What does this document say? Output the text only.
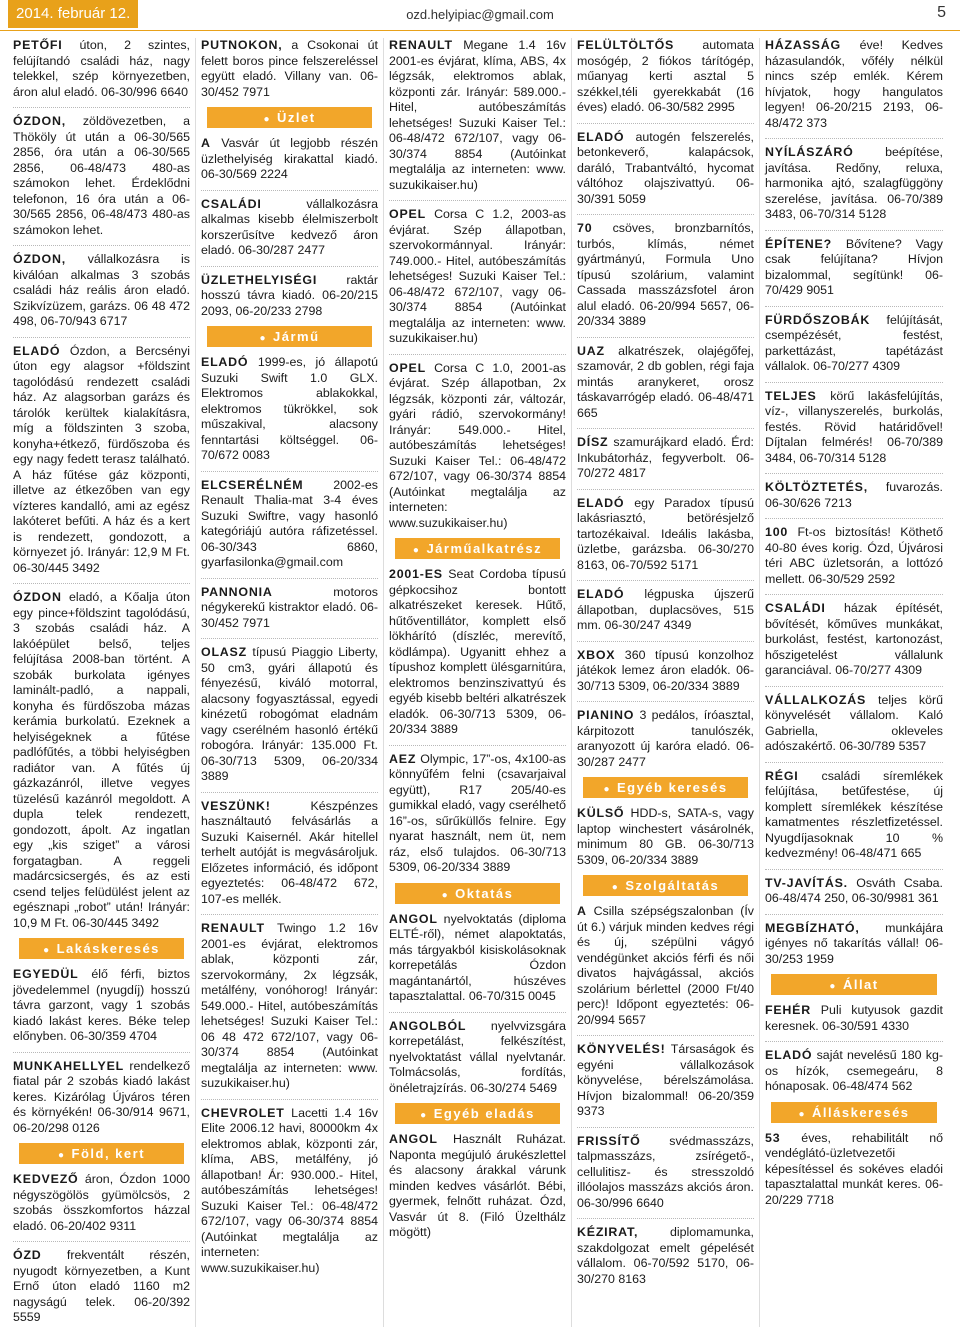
2014. február 12.	ozd.helyipiac@gmail.com	5
PETŐFI úton, 2 szintes, felújítandó családi ház, nagy telekkel, szép környezetben, áron alul eladó. 06-30/996 6640
ÓZDON, zöldövezetben, a Thököly út után a 06-30/565 2856, óra után a 06-30/565 2856, 06-48/473 480-as számokon lehet. Érdeklődni telefonon, 16 óra után a 06-30/565 2856, 06-48/473 480-as számokon lehet.
ÓZDON, vállalkozásra is kiválóan alkalmas 3 szobás családi ház reális áron eladó. Szikvízüzem, garázs. 06 48 472 498, 06-70/943 6717
ELADÓ Ózdon, a Bercsényi úton egy alagsor +földszint tagolódású rendezett családi ház. Az alagsorban garázs és tárolók kerültek kialakításra, míg a földszinten 3 szoba, konyha+étkező, fürdőszoba és egy nagy fedett terasz található. A ház fűtése gáz központi, illetve az étkezőben van egy vízteres kandalló, ami az egész lakóteret befűti. A ház és a kert is rendezett, gondozott, a környezet jó. Irányár: 12,9 M Ft. 06-30/445 3492
ÓZDON eladó, a Kőalja úton egy pince+földszint tagolódású, 3 szobás családi ház. A lakóépület belső, teljes felújítása 2008-ban történt. A szobák burkolata igényes laminált-padló, a nappali, konyha és fürdőszoba mázas kerámia burkolatú. Ezeknek a helyiségeknek a fűtése padlófűtés, a többi helyiségben radiátor van. A fűtés új gázkazánról, illetve vegyes tüzelésű kazánról megoldott. A dupla telek rendezett, gondozott, ápolt. Az ingatlan egy „kis sziget” a városi forgatagban. A reggeli madárcsicsergés, és az esti csend teljes felüdülést jelent az egésznapi „robot” után! Irányár: 10,9 M Ft. 06-30/445 3492
● Lakáskeresés
EGYEDÜL élő férfi, biztos jövedelemmel (nyugdíj) hosszú távra garzont, vagy 1 szobás kiadó lakást keres. Béke telep előnyben. 06-30/359 4704
MUNKAHELLYEL rendelkező fiatal pár 2 szobás kiadó lakást keres. Kizárólag Újváros téren és környékén! 06-30/914 9671, 06-20/298 0126
● Föld, kert
KEDVEZŐ áron, Ózdon 1000 négyszögölös gyümölcsös, 2 szobás összkomfortos házzal eladó. 06-20/402 9311
ÓZD frekventált részén, nyugodt környezetben, a Kunt Ernő úton eladó 1160 m2 nagyságú telek. 06-20/392 5559
PUTNOKON, a Csokonai út felett boros pince felszereléssel együtt eladó. Villany van. 06-30/452 7971
● Üzlet
A Vasvár út legjobb részén üzlethelyiség kirakattal kiadó. 06-30/569 2224
CSALÁDI vállalkozásra alkalmas kisebb élelmiszerbolt korszerűsítve kedvező áron eladó. 06-30/287 2477
ÜZLETHELYISÉGI raktár hosszú távra kiadó. 06-20/215 2093, 06-20/233 2798
● Jármű
ELADÓ 1999-es, jó állapotú Suzuki Swift 1.0 GLX. Elektromos ablakokkal, elektromos tükrökkel, sok műszakival, alacsony fenntartási költséggel. 06-70/672 0083
ELCSERÉLNÉM 2002-es Renault Thalia-mat 3-4 éves Suzuki Swiftre, vagy hasonló kategóriájú autóra ráfizetéssel. 06-30/343 6860, gyarfasilonka@gmail.com
PANNONIA motoros négykerekű kistraktor eladó. 06-30/452 7971
OLASZ típusú Piaggio Liberty, 50 cm3, gyári állapotú és fényezésű, kiváló motorral, alacsony fogyasztással, egyedi kinézetű robogómat eladnám vagy cserélném hasonló értékű robogóra. Irányár: 135.000 Ft. 06-30/713 5309, 06-20/334 3889
VESZÜNK! Készpénzes használtautó felvásárlás a Suzuki Kaisernél. Akár hitellel terhelt autóját is megvásároljuk. Előzetes információ, és időpont egyeztetés: 06-48/472 672, 107-es mellék.
RENAULT Twingo 1.2 16v 2001-es évjárat, elektromos ablak, központi zár, szervokormány, 2x légzsák, metálfény, vonóhorog! Irányár: 549.000.- Hitel, autóbeszámítás lehetséges! Suzuki Kaiser Tel.: 06 48 472 672/107, vagy 06-30/374 8854 (Autóinkat megtalálja az interneten: www. suzukikaiser.hu)
CHEVROLET Lacetti 1.4 16v Elite 2006.12 havi, 80000km 4x elektromos ablak, központi zár, klíma, ABS, metálfény, jó állapotban! Ár: 930.000.- Hitel, autóbeszámítás lehetséges! Suzuki Kaiser Tel.: 06-48/472 672/107, vagy 06-30/374 8854 (Autóinkat megtalálja az interneten: www.suzukikaiser.hu)
RENAULT Megane 1.4 16v 2001-es évjárat, klíma, ABS, 4x légzsák, elektromos ablak, központi zár. Irányár: 589.000.- Hitel, autóbeszámítás lehetséges! Suzuki Kaiser Tel.: 06-48/472 672/107, vagy 06-30/374 8854 (Autóinkat megtalálja az interneten: www. suzukikaiser.hu)
OPEL Corsa C 1.2, 2003-as évjárat. Szép állapotban, szervokormánnyal. Irányár: 749.000.- Hitel, autóbeszámítás lehetséges! Suzuki Kaiser Tel.: 06-48/472 672/107, vagy 06-30/374 8854 (Autóinkat megtalálja az interneten: www. suzukikaiser.hu)
OPEL Corsa C 1.0, 2001-as évjárat. Szép állapotban, 2x légzsák, központi zár, változár, gyári rádió, szervokormány! Irányár: 549.000.- Hitel, autóbeszámítás lehetséges! Suzuki Kaiser Tel.: 06-48/472 672/107, vagy 06-30/374 8854 (Autóinkat megtalálja az interneten: www.suzukikaiser.hu)
● Járműalkatrész
2001-ES Seat Cordoba típusú gépkocsihoz bontott alkatrészeket keresek. Hűtő, hűtőventillátor, komplett első lökhárító (díszléc, merevítő, ködlámpa). Ugyanitt ehhez a típushoz komplett ülésgarnitúra, elektromos benzinszivattyú és egyéb kisebb beltéri alkatrészek eladók. 06-30/713 5309, 06-20/334 3889
AEZ Olympic, 17”-os, 4x100-as könnyűfém felni (csavarjaival együtt), R17 205/40-es gumikkal eladó, vagy cserélhető 16”-os, sűrűküllős felnire. Egy nyarat használt, nem üt, nem ráz, első tulajdos. 06-30/713 5309, 06-20/334 3889
● Oktatás
ANGOL nyelvoktatás (diploma ELTÉ-ről), német alapoktatás, más tárgyakból kisiskolásoknak korrepetálás Ózdon magántanártól, húszéves tapasztalattal. 06-70/315 0045
ANGOLBÓL nyelvvizsgára korrepetálást, felkészítést, nyelvoktatást vállal nyelvtanár. Tolmácsolás, fordítás, önéletrajzírás. 06-30/274 5469
● Egyéb eladás
ANGOL Használt Ruházat. Naponta megújuló árukészlettel és alacsony árakkal várunk minden kedves vásárlót. Bébi, gyermek, felnőtt ruházat. Ózd, Vasvár út 8. (Filó Üzelthálz mögött)
FELÜLTÖLTŐS automata mosógép, 2 fiókos tárítógép, műanyag kerti asztal 5 székkel,téli gyerekkabát (16 éves) eladó. 06-30/582 2995
ELADÓ autogén felszerelés, betonkeverő, kalapácsok, daráló, Trabantváltó, hycomat váltóhoz olajszivattyú. 06-30/391 5059
70 csöves, bronzbarnítós, turbós, klímás, német gyártmányú, Formula Uno típusú szolárium, valamint Cassada masszázsfotel áron alul eladó. 06-20/994 5657, 06-20/334 3889
UAZ alkatrészek, olajégőfej, szamovár, 2 db goblen, régi faja mintás aranykeret, orosz táskavarrógép eladó. 06-48/471 665
DÍSZ szamurájkard eladó. Érd: Inkubátorház, fegyverbolt. 06-70/272 4817
ELADÓ egy Paradox típusú lakásriasztó, betörésjelző tartozékaival. Ideális lakásba, üzletbe, garázsba. 06-30/270 8163, 06-70/592 5171
ELADÓ légpuska újszerű állapotban, duplacsöves, 515 mm. 06-30/247 4349
XBOX 360 típusú konzolhoz játékok lemez áron eladók. 06-30/713 5309, 06-20/334 3889
PIANINO 3 pedálos, íróasztal, kárpitozott tanulószék, aranyozott új karóra eladó. 06-30/287 2477
● Egyéb keresés
KÜLSŐ HDD-s, SATA-s, vagy laptop winchestert vásárolnék, minimum 80 GB. 06-30/713 5309, 06-20/334 3889
● Szolgáltatás
A Csilla szépségszalonban (Ív út 6.) várjuk minden kedves régi és új, szépülni vágyó vendégünket akciós férfi és női divatos hajvágással, akciós szolárium bérlettel (2000 Ft/40 perc)! Időpont egyeztetés: 06-20/994 5657
KÖNYVELÉS! Társaságok és egyéni vállalkozások könyvelése, bérelszámolása. Hívjon bizalommal! 06-20/359 9373
FRISSÍTŐ svédmasszázs, talpmasszázs, zsírégető-, cellulitisz- és stresszoldó illóolajos masszázs akciós áron. 06-30/996 6640
KÉZIRAT, diplomamunka, szakdolgozat emelt gépelését vállalom. 06-70/592 5170, 06-30/270 8163
HÁZASSÁG éve! Kedves házasulandók, vőfély nélkül nincs szép emlék. Kérem hívjatok, hogy hangulatos legyen! 06-20/215 2193, 06-48/472 373
NYÍLÁSZÁRÓ beépítése, javítása. Redőny, reluxa, harmonika ajtó, szalagfüggöny szerelése, javítása. 06-70/389 3483, 06-70/314 5128
ÉPÍTENE? Bővítene? Vagy csak felújítana? Hívjon bizalommal, segítünk! 06-70/429 9051
FÜRDŐSZOBÁK felújítását, csempézését, festést, parkettázást, tapétázást vállalok. 06-70/277 4309
TELJES körű lakásfelújítás, víz-, villanyszerelés, burkolás, festés. Rövid határidővel! Díjtalan felmérés! 06-70/389 3484, 06-70/314 5128
KÖLTÖZTETÉS, fuvarozás. 06-30/626 7213
100 Ft-os biztosítás! Köthető 40-80 éves korig. Ózd, Újvárosi téri ABC üzletsorán, a lottózó mellett. 06-30/529 2592
CSALÁDI házak építését, bővítését, kőműves munkákat, burkolást, festést, kartonozást, hőszigetelést vállalunk garanciával. 06-70/277 4309
VÁLLALKOZÁS teljes körű könyvelését vállalom. Kaló Gabriella, okleveles adószakértő. 06-30/789 5357
RÉGI családi síremlékek felújítása, betűfestése, új komplett síremlékek készítése kamatmentes részletfizetéssel. Nyugdíjasoknak 10 % kedvezmény! 06-48/471 665
TV-JAVÍTÁS. Osváth Csaba. 06-48/474 250, 06-30/9981 361
MEGBÍZHATÓ, munkájára igényes nő takarítás vállal! 06-30/253 1959
● Állat
FEHÉR Puli kutyusok gazdit keresnek. 06-30/591 4330
ELADÓ saját nevelésű 180 kg-os hízók, csemegeáru, 8 hónaposak. 06-48/474 562
● Álláskeresés
53 éves, rehabilitált nő vendéglátó-üzletvezetői képesítéssel és sokéves eladói tapasztalattal munkát keres. 06-20/229 7718
